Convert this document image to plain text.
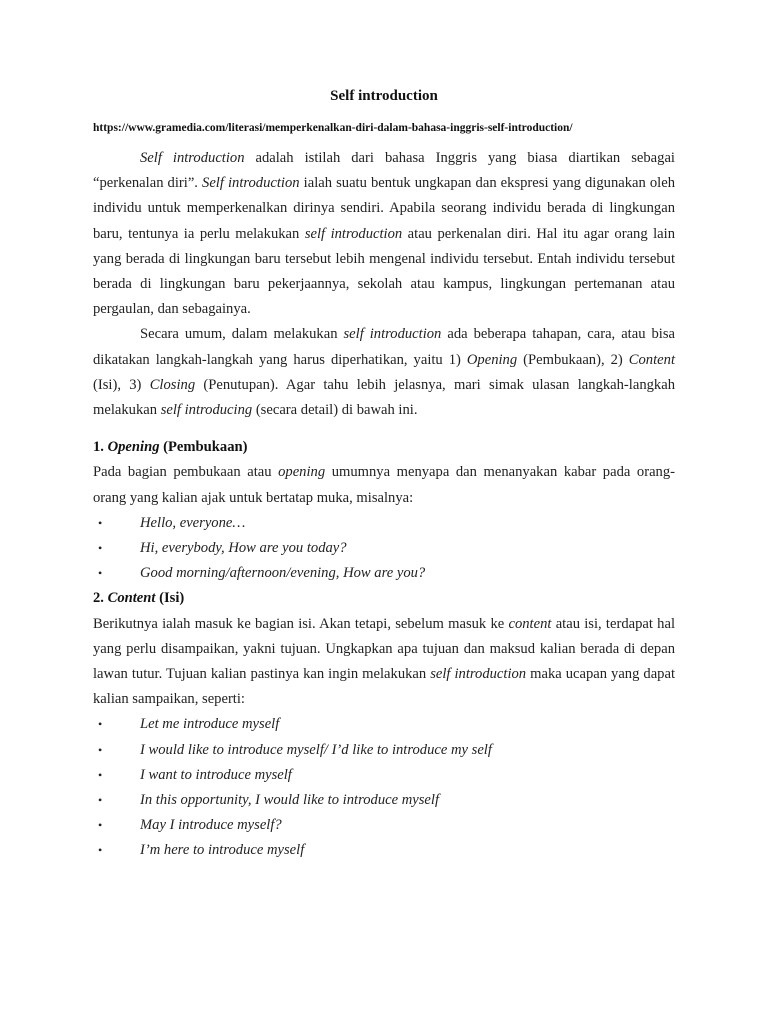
Self introduction

https://www.gramedia.com/literasi/memperkenalkan-diri-dalam-bahasa-inggris-self-introduction/

Self introduction adalah istilah dari bahasa Inggris yang biasa diartikan sebagai “perkenalan diri”. Self introduction ialah suatu bentuk ungkapan dan ekspresi yang digunakan oleh individu untuk memperkenalkan dirinya sendiri. Apabila seorang individu berada di lingkungan baru, tentunya ia perlu melakukan self introduction atau perkenalan diri. Hal itu agar orang lain yang berada di lingkungan baru tersebut lebih mengenal individu tersebut. Entah individu tersebut berada di lingkungan baru pekerjaannya, sekolah atau kampus, lingkungan pertemanan atau pergaulan, dan sebagainya.

Secara umum, dalam melakukan self introduction ada beberapa tahapan, cara, atau bisa dikatakan langkah-langkah yang harus diperhatikan, yaitu 1) Opening (Pembukaan), 2) Content (Isi), 3) Closing (Penutupan). Agar tahu lebih jelasnya, mari simak ulasan langkah-langkah melakukan self introducing (secara detail) di bawah ini.

1. Opening (Pembukaan)

Pada bagian pembukaan atau opening umumnya menyapa dan menanyakan kabar pada orang-orang yang kalian ajak untuk bertatap muka, misalnya:

•	Hello, everyone…
•	Hi, everybody, How are you today?
•	Good morning/afternoon/evening, How are you?
2. Content (Isi)

Berikutnya ialah masuk ke bagian isi. Akan tetapi, sebelum masuk ke content atau isi, terdapat hal yang perlu disampaikan, yakni tujuan. Ungkapkan apa tujuan dan maksud kalian berada di depan lawan tutur. Tujuan kalian pastinya kan ingin melakukan self introduction maka ucapan yang dapat kalian sampaikan, seperti:

•	Let me introduce myself
•	I would like to introduce myself/ I’d like to introduce my self
•	I want to introduce myself
•	In this opportunity, I would like to introduce myself
•	May I introduce myself?
•	I’m here to introduce myself
